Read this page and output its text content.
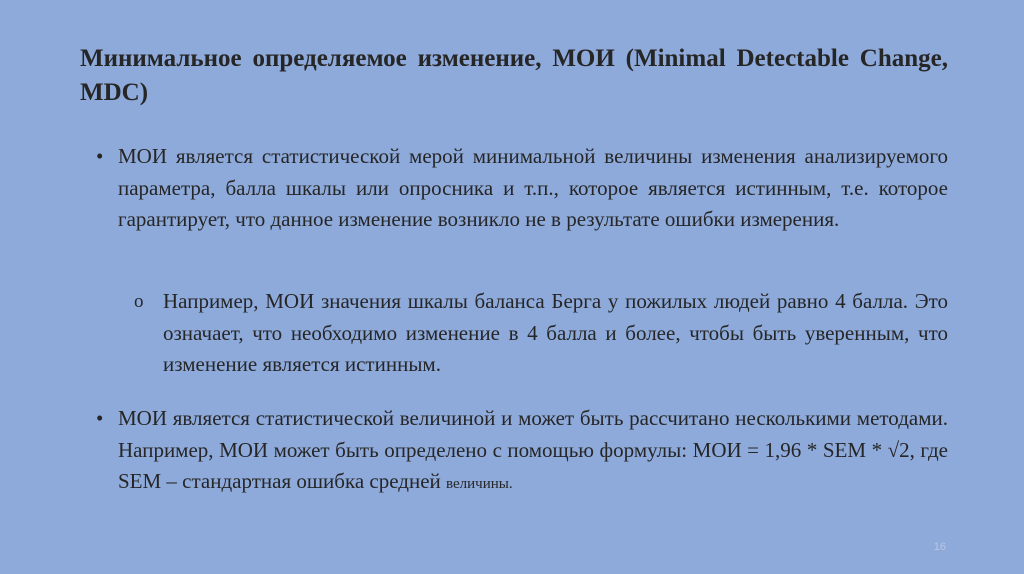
Минимальное определяемое изменение, МОИ (Minimal Detectable Change, MDC)
• МОИ является статистической мерой минимальной величины изменения анализируемого параметра, балла шкалы или опросника и т.п., которое является истинным, т.е. которое гарантирует, что данное изменение возникло не в результате ошибки измерения.
o Например, МОИ значения шкалы баланса Берга у пожилых людей равно 4 балла. Это означает, что необходимо изменение в 4 балла и более, чтобы быть уверенным, что изменение является истинным.
• МОИ является статистической величиной и может быть рассчитано несколькими методами. Например, МОИ может быть определено с помощью формулы: МОИ = 1,96 * SEM * √2, где SEM – стандартная ошибка средней величины.
16
